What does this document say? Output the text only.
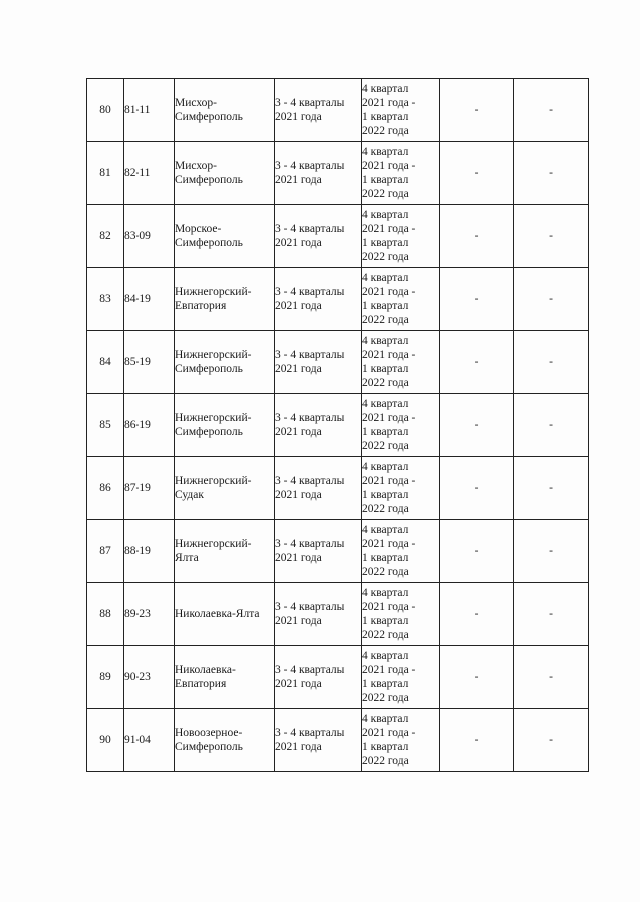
80	81-11	Мисхор-
Симферополь	3 - 4 кварталы
2021 года	4 квартал
2021 года -
1 квартал
2022 года	-	-
81	82-11	Мисхор-
Симферополь	3 - 4 кварталы
2021 года	4 квартал
2021 года -
1 квартал
2022 года	-	-
82	83-09	Морское-
Симферополь	3 - 4 кварталы
2021 года	4 квартал
2021 года -
1 квартал
2022 года	-	-
83	84-19	Нижнегорский-
Евпатория	3 - 4 кварталы
2021 года	4 квартал
2021 года -
1 квартал
2022 года	-	-
84	85-19	Нижнегорский-
Симферополь	3 - 4 кварталы
2021 года	4 квартал
2021 года -
1 квартал
2022 года	-	-
85	86-19	Нижнегорский-
Симферополь	3 - 4 кварталы
2021 года	4 квартал
2021 года -
1 квартал
2022 года	-	-
86	87-19	Нижнегорский-
Судак	3 - 4 кварталы
2021 года	4 квартал
2021 года -
1 квартал
2022 года	-	-
87	88-19	Нижнегорский-
Ялта	3 - 4 кварталы
2021 года	4 квартал
2021 года -
1 квартал
2022 года	-	-
88	89-23	Николаевка-Ялта	3 - 4 кварталы
2021 года	4 квартал
2021 года -
1 квартал
2022 года	-	-
89	90-23	Николаевка-
Евпатория	3 - 4 кварталы
2021 года	4 квартал
2021 года -
1 квартал
2022 года	-	-
90	91-04	Новоозерное-
Симферополь	3 - 4 кварталы
2021 года	4 квартал
2021 года -
1 квартал
2022 года	-	-
